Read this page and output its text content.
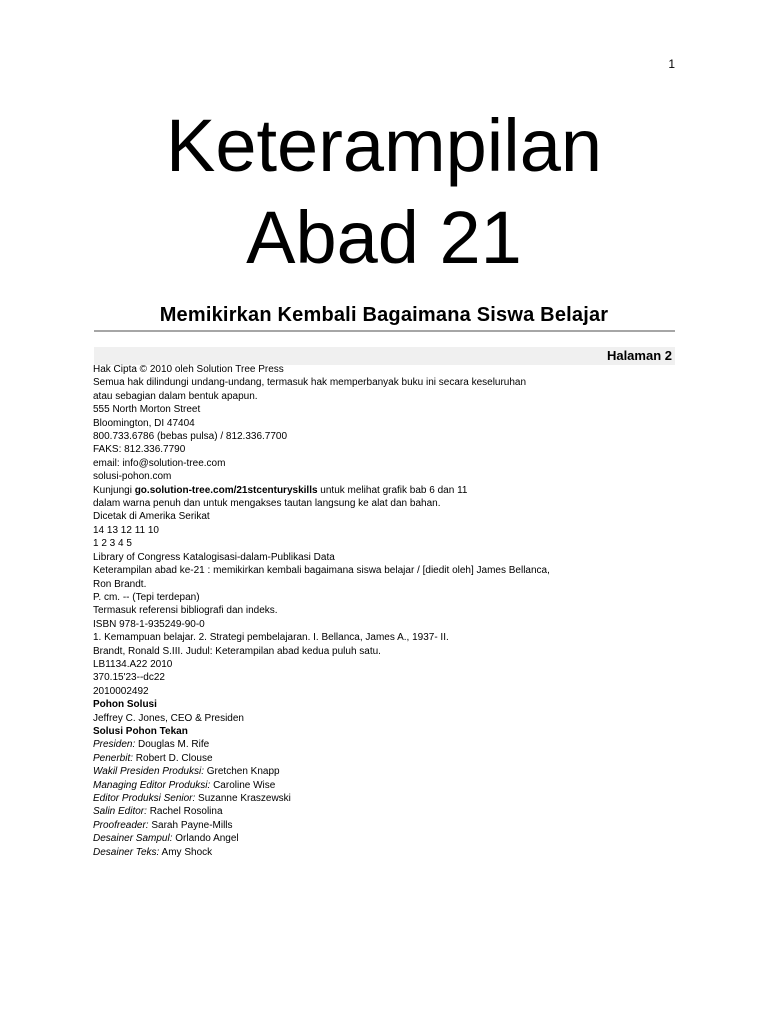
1
Keterampilan
Abad 21
Memikirkan Kembali Bagaimana Siswa Belajar
Halaman 2
Hak Cipta © 2010 oleh Solution Tree Press
Semua hak dilindungi undang-undang, termasuk hak memperbanyak buku ini secara keseluruhan
atau sebagian dalam bentuk apapun.
555 North Morton Street
Bloomington, DI 47404
800.733.6786 (bebas pulsa) / 812.336.7700
FAKS: 812.336.7790
email: info@solution-tree.com
solusi-pohon.com
Kunjungi go.solution-tree.com/21stcenturyskills untuk melihat grafik bab 6 dan 11
dalam warna penuh dan untuk mengakses tautan langsung ke alat dan bahan.
Dicetak di Amerika Serikat
14 13 12 11 10
1 2 3 4 5
Library of Congress Katalogisasi-dalam-Publikasi Data
Keterampilan abad ke-21 : memikirkan kembali bagaimana siswa belajar / [diedit oleh] James Bellanca,
Ron Brandt.
P. cm. -- (Tepi terdepan)
Termasuk referensi bibliografi dan indeks.
ISBN 978-1-935249-90-0
1. Kemampuan belajar. 2. Strategi pembelajaran. I. Bellanca, James A., 1937- II.
Brandt, Ronald S.III. Judul: Keterampilan abad kedua puluh satu.
LB1134.A22 2010
370.15'23--dc22
2010002492
Pohon Solusi
Jeffrey C. Jones, CEO & Presiden
Solusi Pohon Tekan
Presiden: Douglas M. Rife
Penerbit: Robert D. Clouse
Wakil Presiden Produksi: Gretchen Knapp
Managing Editor Produksi: Caroline Wise
Editor Produksi Senior: Suzanne Kraszewski
Salin Editor: Rachel Rosolina
Proofreader: Sarah Payne-Mills
Desainer Sampul: Orlando Angel
Desainer Teks: Amy Shock
